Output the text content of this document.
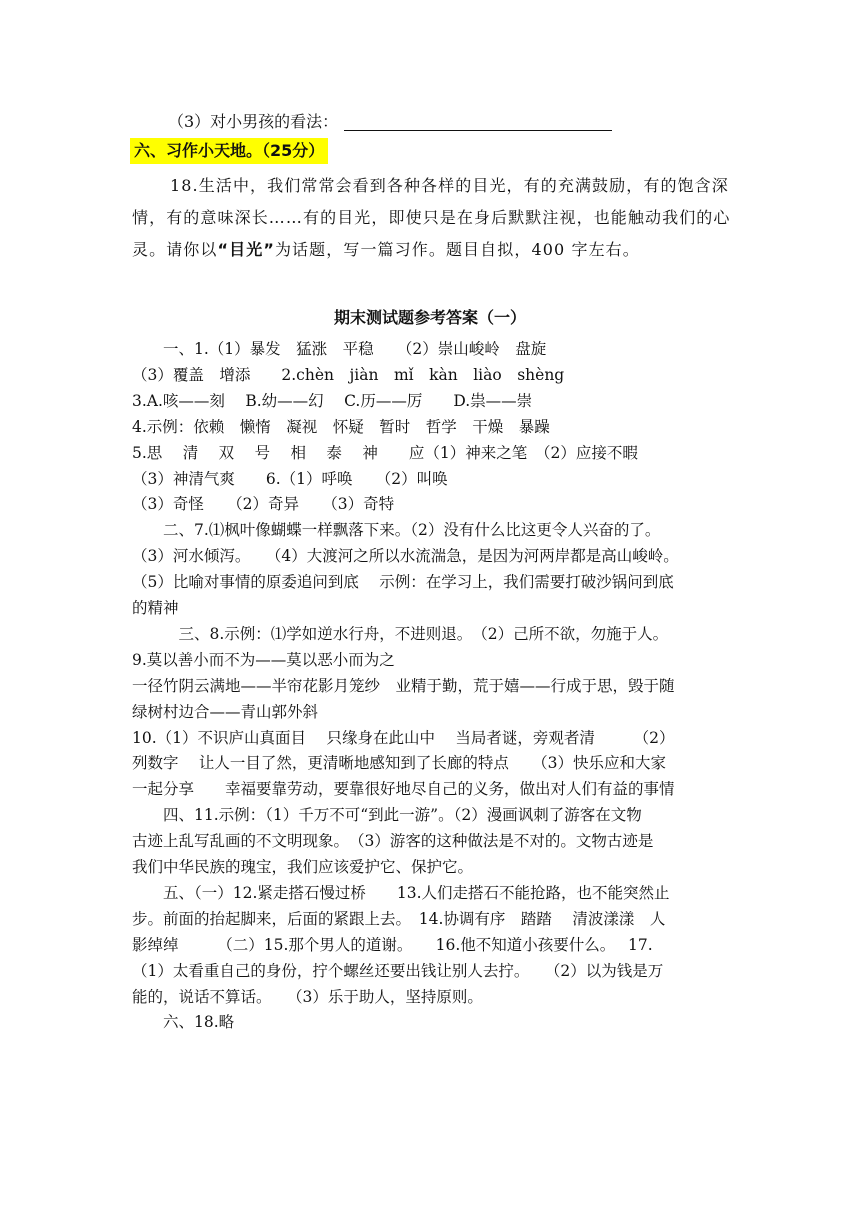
（3）对小男孩的看法：
六、习作小天地。（25分）

18.生活中，我们常常会看到各种各样的目光，有的充满鼓励，有的饱含深

情，有的意味深长……有的目光，即使只是在身后默默注视，也能触动我们的心

灵。请你以“目光”为话题，写一篇习作。题目自拟，400 字左右。

期末测试题参考答案（一）
　　一、1.（1）暴发　猛涨　平稳　　（2）崇山峻岭　盘旋
（3）覆盖　增添　　2.chèn　jiàn　mǐ　kàn　liào　shèng
3.A.咳——刻　 B.幼——幻　 C.历——厉　　D.祟——崇
4.示例：依赖　懒惰　凝视　怀疑　暂时　哲学　干燥　暴躁
5.思　 清　 双　 号　 相　 泰　 神　　应（1）神来之笔　（2）应接不暇
（3）神清气爽　　6.（1）呼唤　　（2）叫唤
（3）奇怪　　（2）奇异　　（3）奇特
　　二、7.⑴枫叶像蝴蝶一样飘落下来。（2）没有什么比这更令人兴奋的了。
（3）河水倾泻。　　（4）大渡河之所以水流湍急，是因为河两岸都是高山峻岭。
（5）比喻对事情的原委追问到底　 示例：在学习上，我们需要打破沙锅问到底
的精神
　　　三、8.示例：⑴学如逆水行舟，不进则退。　（2）己所不欲，勿施于人。
9.莫以善小而不为——莫以恶小而为之
一径竹阴云满地——半帘花影月笼纱　业精于勤，荒于嬉——行成于思，毁于随
绿树村边合——青山郭外斜
10.（1）不识庐山真面目　 只缘身在此山中　 当局者谜，旁观者清　　　（2）
列数字　 让人一目了然，更清晰地感知到了长廊的特点　　（3）快乐应和大家
一起分享　　幸福要靠劳动，要靠很好地尽自己的义务，做出对人们有益的事情
　　四、11.示例：（1）千万不可“到此一游”。（2）漫画讽刺了游客在文物
古迹上乱写乱画的不文明现象。　（3）游客的这种做法是不对的。文物古迹是
我们中华民族的瑰宝，我们应该爱护它、保护它。
　　五、（一）12.紧走搭石慢过桥　　13.人们走搭石不能抢路，也不能突然止
步。前面的抬起脚来，后面的紧跟上去。　14.协调有序　踏踏　 清波漾漾　人
影绰绰　　　（二）15.那个男人的道谢。　　16.他不知道小孩要什么。　 17.
（1）太看重自己的身份，拧个螺丝还要出钱让别人去拧。　　（2）以为钱是万
能的，说话不算话。　　（3）乐于助人，坚持原则。
　　六、18.略
